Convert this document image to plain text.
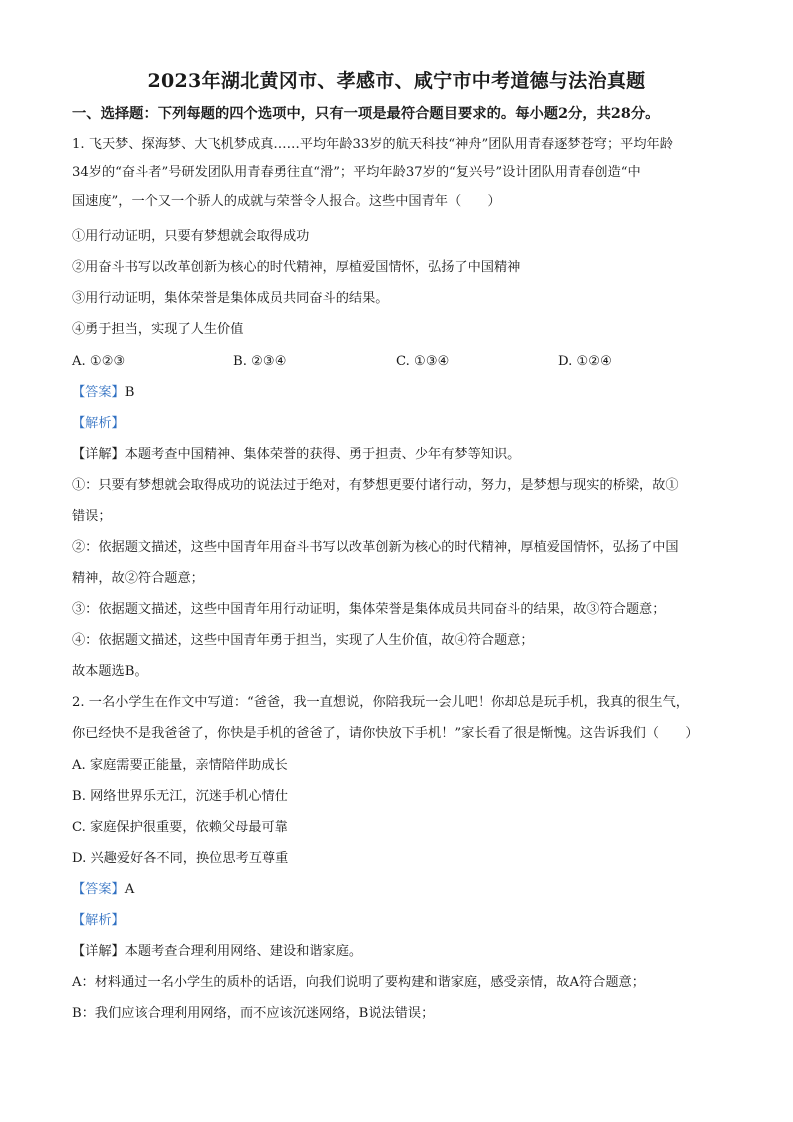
2023年湖北黄冈市、孝感市、咸宁市中考道德与法治真题
一、选择题：下列每题的四个选项中，只有一项是最符合题目要求的。每小题2分，共28分。
1. 飞天梦、探海梦、大飞机梦成真……平均年龄33岁的航天科技“神舟”团队用青春逐梦苍穹；平均年龄
34岁的“奋斗者”号研发团队用青春勇往直“滑”；平均年龄37岁的“复兴号”设计团队用青春创造“中
国速度”，一个又一个骄人的成就与荣誉令人报合。这些中国青年（　　）
①用行动证明，只要有梦想就会取得成功
②用奋斗书写以改革创新为核心的时代精神，厚植爱国情怀，弘扬了中国精神
③用行动证明，集体荣誉是集体成员共同奋斗的结果。
④勇于担当，实现了人生价值
A. ①②③	B. ②③④	C. ①③④	D. ①②④
【答案】B
【解析】
【详解】本题考查中国精神、集体荣誉的获得、勇于担责、少年有梦等知识。
①：只要有梦想就会取得成功的说法过于绝对，有梦想更要付诸行动，努力，是梦想与现实的桥梁，故①
错误；
②：依据题文描述，这些中国青年用奋斗书写以改革创新为核心的时代精神，厚植爱国情怀，弘扬了中国
精神，故②符合题意；
③：依据题文描述，这些中国青年用行动证明，集体荣誉是集体成员共同奋斗的结果，故③符合题意；
④：依据题文描述，这些中国青年勇于担当，实现了人生价值，故④符合题意；
故本题选B。
2. 一名小学生在作文中写道：“爸爸，我一直想说，你陪我玩一会儿吧！你却总是玩手机，我真的很生气，
你已经快不是我爸爸了，你快是手机的爸爸了，请你快放下手机！”家长看了很是惭愧。这告诉我们（　　）
A. 家庭需要正能量，亲情陪伴助成长
B. 网络世界乐无江，沉迷手机心情仕
C. 家庭保护很重要，依赖父母最可靠
D. 兴趣爱好各不同，换位思考互尊重
【答案】A
【解析】
【详解】本题考查合理利用网络、建设和谐家庭。
A：材料通过一名小学生的质朴的话语，向我们说明了要构建和谐家庭，感受亲情，故A符合题意；
B：我们应该合理利用网络，而不应该沉迷网络，B说法错误；
